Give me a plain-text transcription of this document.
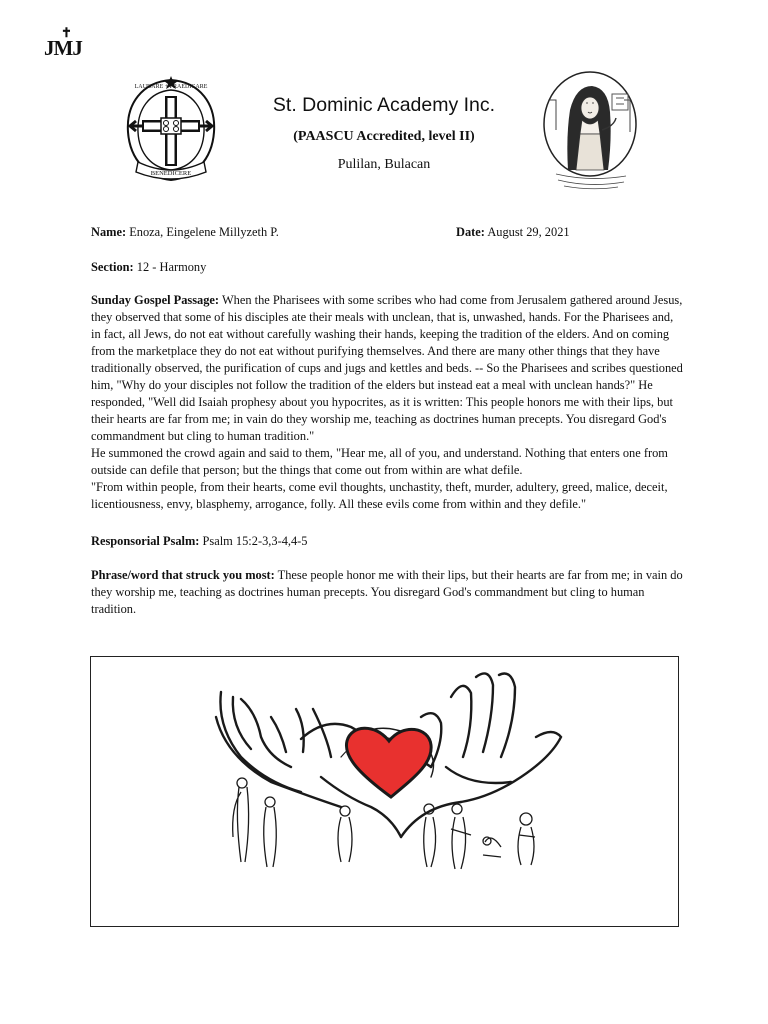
✝
JMJ
BENEDICERE
LAUDARE + PRAEDICARE
St. Dominic Academy Inc.
(PAASCU Accredited, level II)
Pulilan, Bulacan
Name: Enoza, Eingelene Millyzeth P.	Date: August 29, 2021
Section: 12 - Harmony
Sunday Gospel Passage: When the Pharisees with some scribes who had come from Jerusalem gathered around Jesus, they observed that some of his disciples ate their meals with unclean, that is, unwashed, hands. For the Pharisees and, in fact, all Jews, do not eat without carefully washing their hands, keeping the tradition of the elders. And on coming from the marketplace they do not eat without purifying themselves. And there are many other things that they have traditionally observed, the purification of cups and jugs and kettles and beds. -- So the Pharisees and scribes questioned him, "Why do your disciples not follow the tradition of the elders but instead eat a meal with unclean hands?" He responded, "Well did Isaiah prophesy about you hypocrites, as it is written: This people honors me with their lips, but their hearts are far from me; in vain do they worship me, teaching as doctrines human precepts. You disregard God's commandment but cling to human tradition."
He summoned the crowd again and said to them, "Hear me, all of you, and understand. Nothing that enters one from outside can defile that person; but the things that come out from within are what defile.
"From within people, from their hearts, come evil thoughts, unchastity, theft, murder, adultery, greed, malice, deceit, licentiousness, envy, blasphemy, arrogance, folly. All these evils come from within and they defile."
Responsorial Psalm: Psalm 15:2-3,3-4,4-5
Phrase/word that struck you most: These people honor me with their lips, but their hearts are far from me; in vain do they worship me, teaching as doctrines human precepts. You disregard God's commandment but cling to human tradition.
